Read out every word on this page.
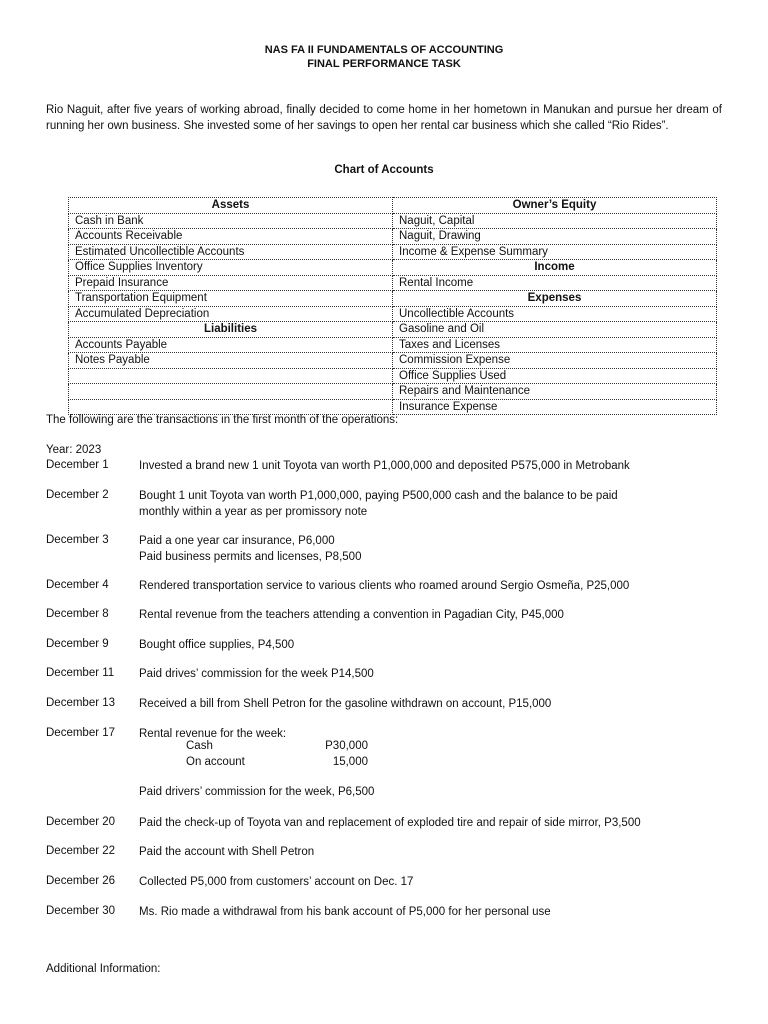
NAS FA II FUNDAMENTALS OF ACCOUNTING
FINAL PERFORMANCE TASK
Rio Naguit, after five years of working abroad, finally decided to come home in her hometown in Manukan and pursue her dream of running her own business. She invested some of her savings to open her rental car business which she called “Rio Rides”.
Chart of Accounts
Assets	Owner’s Equity
Cash in Bank	Naguit, Capital
Accounts Receivable	Naguit, Drawing
Estimated Uncollectible Accounts	Income & Expense Summary
Office Supplies Inventory	Income
Prepaid Insurance	Rental Income
Transportation Equipment	Expenses
Accumulated Depreciation	Uncollectible Accounts
Liabilities	Gasoline and Oil
Accounts Payable	Taxes and Licenses
Notes Payable	Commission Expense
	Office Supplies Used
	Repairs and Maintenance
	Insurance Expense
The following are the transactions in the first month of the operations:
Year: 2023
December 1	Invested a brand new 1 unit Toyota van worth P1,000,000 and deposited P575,000 in Metrobank
December 2	Bought 1 unit Toyota van worth P1,000,000, paying P500,000 cash and the balance to be paid
monthly within a year as per promissory note
December 3	Paid a one year car insurance, P6,000
Paid business permits and licenses, P8,500
December 4	Rendered transportation service to various clients who roamed around Sergio Osmeña, P25,000
December 8	Rental revenue from the teachers attending a convention in Pagadian City, P45,000
December 9	Bought office supplies, P4,500
December 11	Paid drives’ commission for the week P14,500
December 13	Received a bill from Shell Petron for the gasoline withdrawn on account, P15,000
December 17	Rental revenue for the week:
December 20	Paid the check-up of Toyota van and replacement of exploded tire and repair of side mirror, P3,500
December 22	Paid the account with Shell Petron
December 26	Collected P5,000 from customers’ account on Dec. 17
December 30	Ms. Rio made a withdrawal from his bank account of P5,000 for her personal use
Cash	P30,000
On account	15,000
Paid drivers’ commission for the week, P6,500
Additional Information:
